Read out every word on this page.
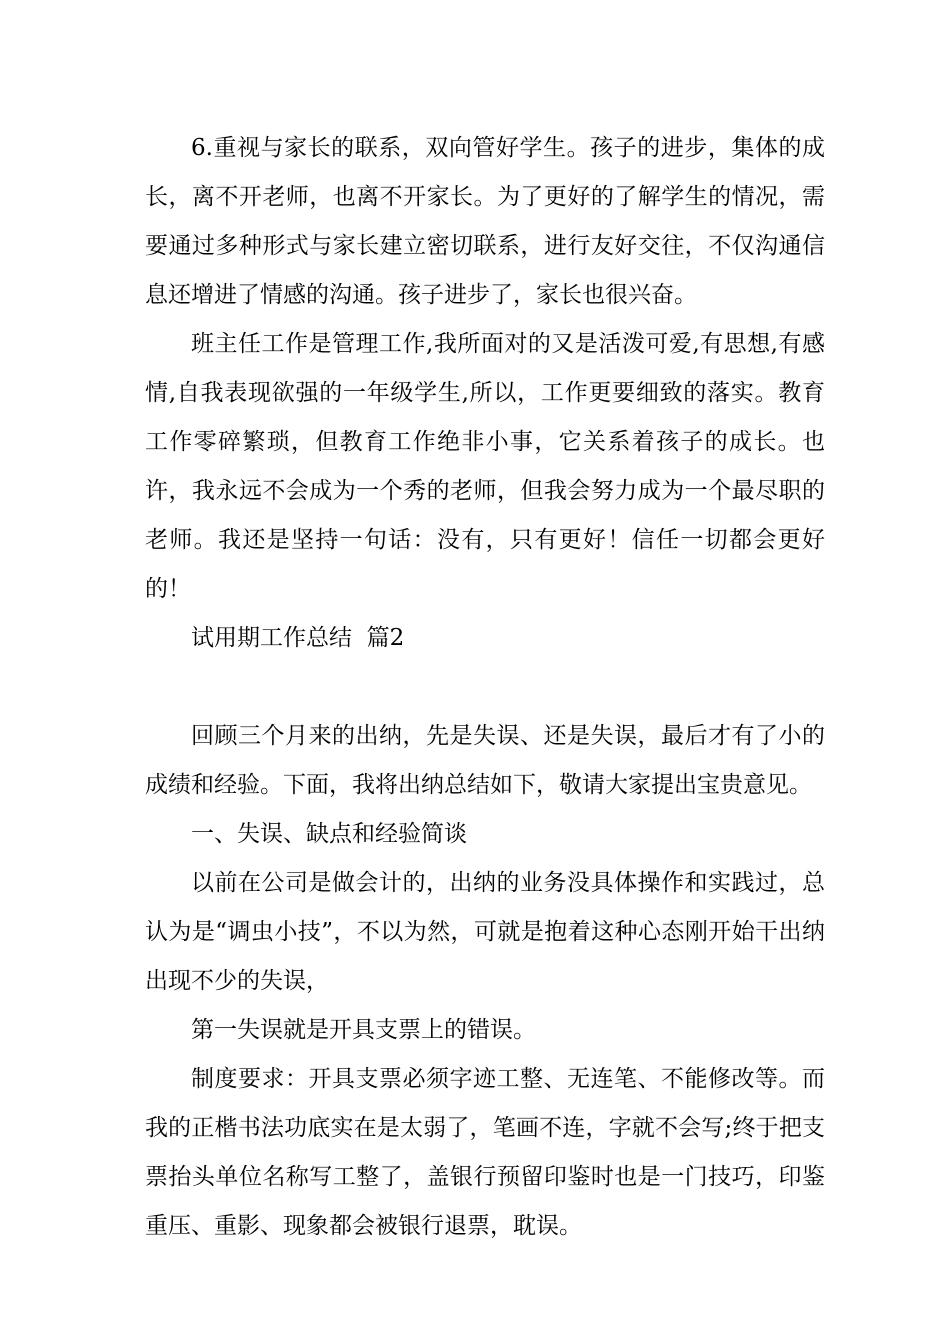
6.重视与家长的联系，双向管好学生。孩子的进步，集体的成长，离不开老师，也离不开家长。为了更好的了解学生的情况，需要通过多种形式与家长建立密切联系，进行友好交往，不仅沟通信息还增进了情感的沟通。孩子进步了，家长也很兴奋。

班主任工作是管理工作,我所面对的又是活泼可爱,有思想,有感情,自我表现欲强的一年级学生,所以，工作更要细致的落实。教育工作零碎繁琐，但教育工作绝非小事，它关系着孩子的成长。也许，我永远不会成为一个秀的老师，但我会努力成为一个最尽职的老师。我还是坚持一句话：没有，只有更好！信任一切都会更好的！

试用期工作总结  篇2

回顾三个月来的出纳，先是失误、还是失误，最后才有了小的成绩和经验。下面，我将出纳总结如下，敬请大家提出宝贵意见。

一、失误、缺点和经验简谈

以前在公司是做会计的，出纳的业务没具体操作和实践过，总认为是“调虫小技”，不以为然，可就是抱着这种心态刚开始干出纳出现不少的失误，

第一失误就是开具支票上的错误。

制度要求：开具支票必须字迹工整、无连笔、不能修改等。而我的正楷书法功底实在是太弱了，笔画不连，字就不会写;终于把支票抬头单位名称写工整了，盖银行预留印鉴时也是一门技巧，印鉴重压、重影、现象都会被银行退票，耽误。
